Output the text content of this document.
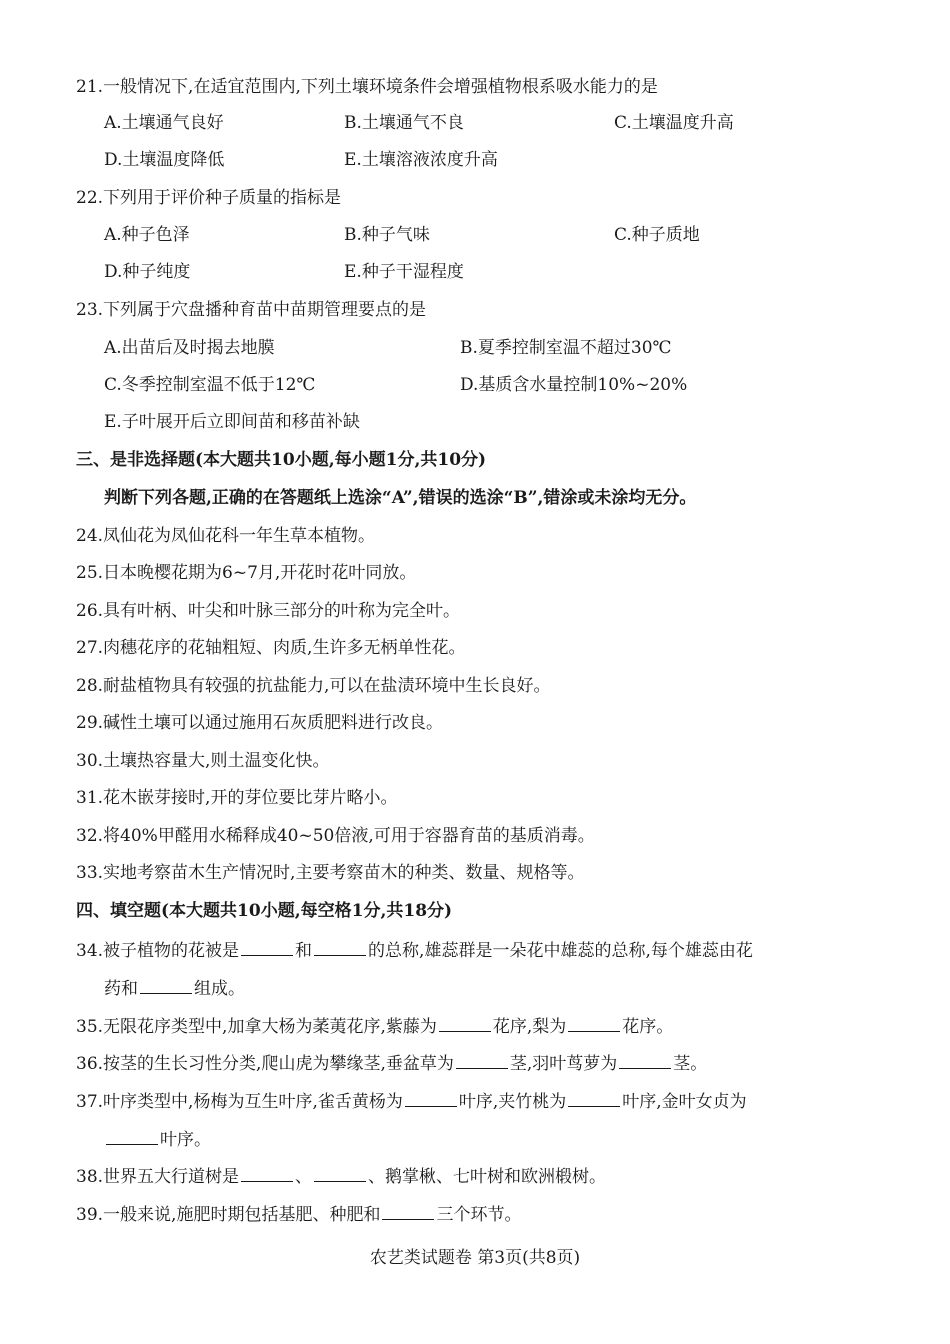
21.一般情况下,在适宜范围内,下列土壤环境条件会增强植物根系吸水能力的是
A.土壤通气良好	B.土壤通气不良	C.土壤温度升高
D.土壤温度降低	E.土壤溶液浓度升高
22.下列用于评价种子质量的指标是
A.种子色泽	B.种子气味	C.种子质地
D.种子纯度	E.种子干湿程度
23.下列属于穴盘播种育苗中苗期管理要点的是
A.出苗后及时揭去地膜	B.夏季控制室温不超过30℃
C.冬季控制室温不低于12℃	D.基质含水量控制10%~20%
E.子叶展开后立即间苗和移苗补缺
三、是非选择题(本大题共10小题,每小题1分,共10分)
判断下列各题,正确的在答题纸上选涂“A”,错误的选涂“B”,错涂或未涂均无分。
24.凤仙花为凤仙花科一年生草本植物。
25.日本晚樱花期为6~7月,开花时花叶同放。
26.具有叶柄、叶尖和叶脉三部分的叶称为完全叶。
27.肉穗花序的花轴粗短、肉质,生许多无柄单性花。
28.耐盐植物具有较强的抗盐能力,可以在盐渍环境中生长良好。
29.碱性土壤可以通过施用石灰质肥料进行改良。
30.土壤热容量大,则土温变化快。
31.花木嵌芽接时,开的芽位要比芽片略小。
32.将40%甲醛用水稀释成40~50倍液,可用于容器育苗的基质消毒。
33.实地考察苗木生产情况时,主要考察苗木的种类、数量、规格等。
四、填空题(本大题共10小题,每空格1分,共18分)
34.被子植物的花被是	和	的总称,雄蕊群是一朵花中雄蕊的总称,每个雄蕊由花
药和	组成。
35.无限花序类型中,加拿大杨为葇荑花序,紫藤为	花序,梨为	花序。
36.按茎的生长习性分类,爬山虎为攀缘茎,垂盆草为	茎,羽叶茑萝为	茎。
37.叶序类型中,杨梅为互生叶序,雀舌黄杨为	叶序,夹竹桃为	叶序,金叶女贞为
叶序。
38.世界五大行道树是	、	、鹅掌楸、七叶树和欧洲椴树。
39.一般来说,施肥时期包括基肥、种肥和	三个环节。
农艺类试题卷 第3页(共8页)
